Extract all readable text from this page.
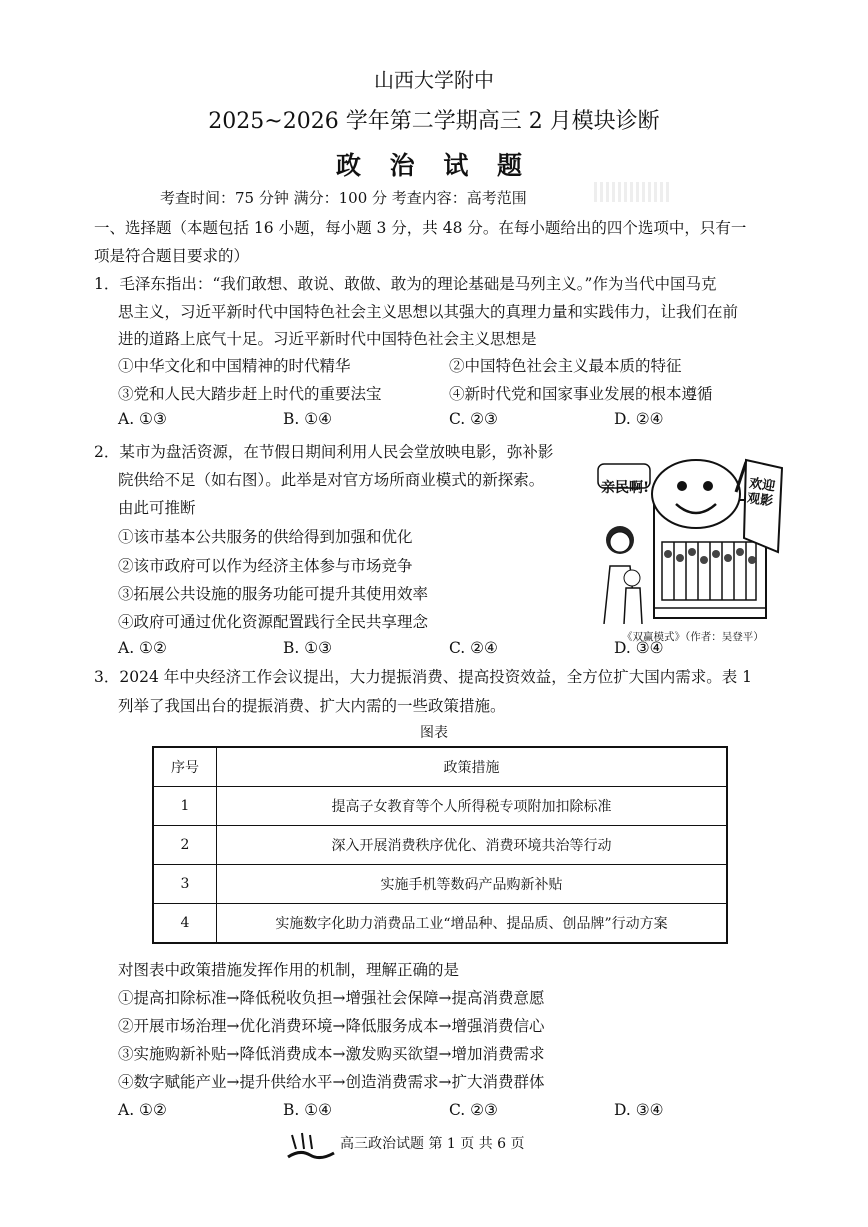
山西大学附中
2025~2026 学年第二学期高三 2 月模块诊断
政 治 试 题
考查时间：75 分钟 满分：100 分 考查内容：高考范围
一、选择题（本题包括 16 小题，每小题 3 分，共 48 分。在每小题给出的四个选项中，只有一
项是符合题目要求的）
1．毛泽东指出：“我们敢想、敢说、敢做、敢为的理论基础是马列主义。”作为当代中国马克
思主义，习近平新时代中国特色社会主义思想以其强大的真理力量和实践伟力，让我们在前
进的道路上底气十足。习近平新时代中国特色社会主义思想是
①中华文化和中国精神的时代精华	②中国特色社会主义最本质的特征
③党和人民大踏步赶上时代的重要法宝	④新时代党和国家事业发展的根本遵循
A. ①③	B. ①④	C. ②③	D. ②④
2．某市为盘活资源，在节假日期间利用人民会堂放映电影，弥补影
院供给不足（如右图）。此举是对官方场所商业模式的新探索。
由此可推断
①该市基本公共服务的供给得到加强和优化
②该市政府可以作为经济主体参与市场竞争
③拓展公共设施的服务功能可提升其使用效率
④政府可通过优化资源配置践行全民共享理念
A. ①②	B. ①③	C. ②④	D. ③④
亲民啊!	欢迎观影
《双赢模式》（作者：吴登平）
3．2024 年中央经济工作会议提出，大力提振消费、提高投资效益，全方位扩大国内需求。表 1
列举了我国出台的提振消费、扩大内需的一些政策措施。
图表
序号	政策措施
1	提高子女教育等个人所得税专项附加扣除标准
2	深入开展消费秩序优化、消费环境共治等行动
3	实施手机等数码产品购新补贴
4	实施数字化助力消费品工业“增品种、提品质、创品牌”行动方案
对图表中政策措施发挥作用的机制，理解正确的是
①提高扣除标准→降低税收负担→增强社会保障→提高消费意愿
②开展市场治理→优化消费环境→降低服务成本→增强消费信心
③实施购新补贴→降低消费成本→激发购买欲望→增加消费需求
④数字赋能产业→提升供给水平→创造消费需求→扩大消费群体
A. ①②	B. ①④	C. ②③	D. ③④
高三政治试题 第 1 页 共 6 页
